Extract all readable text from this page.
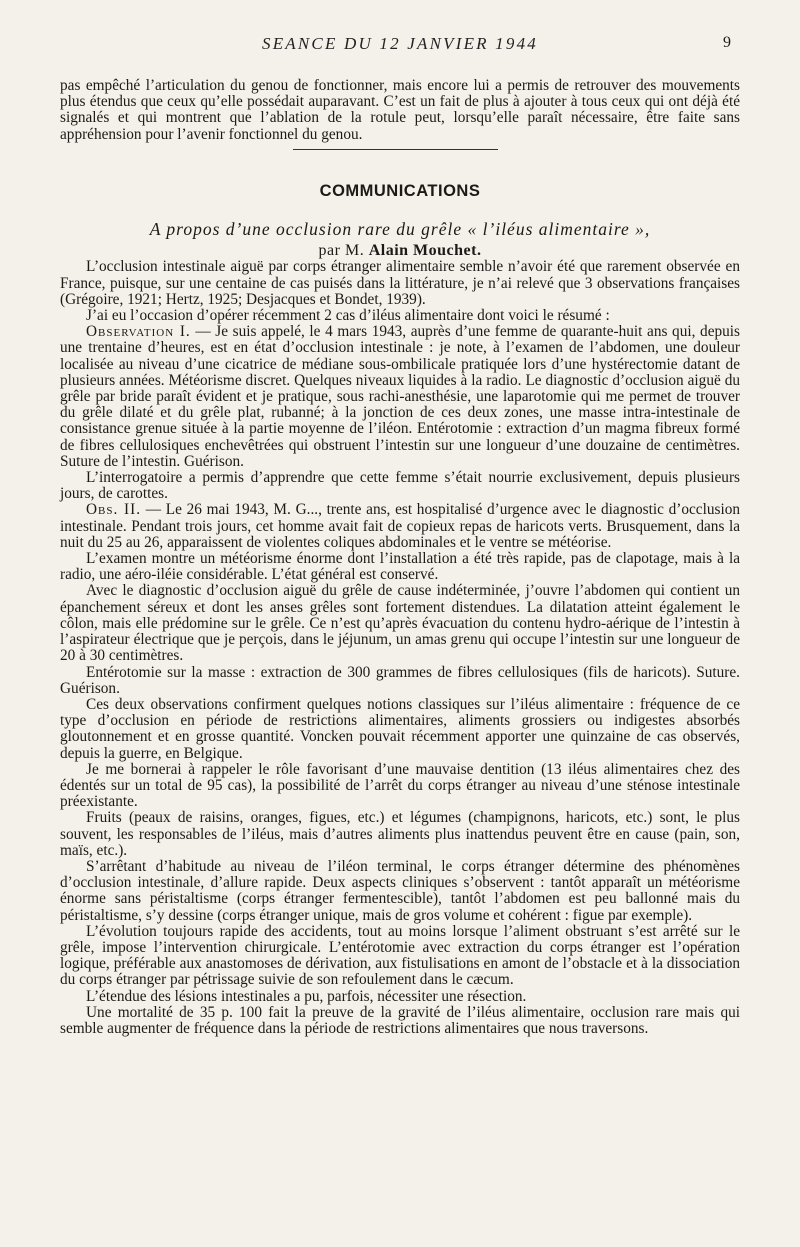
SEANCE DU 12 JANVIER 1944	9

pas empêché l’articulation du genou de fonctionner, mais encore lui a permis de retrouver des mouvements plus étendus que ceux qu’elle possédait auparavant. C’est un fait de plus à ajouter à tous ceux qui ont déjà été signalés et qui montrent que l’ablation de la rotule peut, lorsqu’elle paraît nécessaire, être faite sans appréhension pour l’avenir fonctionnel du genou.

COMMUNICATIONS
A propos d’une occlusion rare du grêle « l’iléus alimentaire »,
par M. Alain Mouchet.

L’occlusion intestinale aiguë par corps étranger alimentaire semble n’avoir été que rarement observée en France, puisque, sur une centaine de cas puisés dans la littérature, je n’ai relevé que 3 observations françaises (Grégoire, 1921; Hertz, 1925; Desjacques et Bondet, 1939).

J’ai eu l’occasion d’opérer récemment 2 cas d’iléus alimentaire dont voici le résumé :

Observation I. — Je suis appelé, le 4 mars 1943, auprès d’une femme de quarante-huit ans qui, depuis une trentaine d’heures, est en état d’occlusion intestinale : je note, à l’examen de l’abdomen, une douleur localisée au niveau d’une cicatrice de médiane sous-ombilicale pratiquée lors d’une hystérectomie datant de plusieurs années. Météorisme discret. Quelques niveaux liquides à la radio. Le diagnostic d’occlusion aiguë du grêle par bride paraît évident et je pratique, sous rachi-anesthésie, une laparotomie qui me permet de trouver du grêle dilaté et du grêle plat, rubanné; à la jonction de ces deux zones, une masse intra-intestinale de consistance grenue située à la partie moyenne de l’iléon. Entérotomie : extraction d’un magma fibreux formé de fibres cellulosiques enchevêtrées qui obstruent l’intestin sur une longueur d’une douzaine de centimètres. Suture de l’intestin. Guérison.

L’interrogatoire a permis d’apprendre que cette femme s’était nourrie exclusivement, depuis plusieurs jours, de carottes.

Obs. II. — Le 26 mai 1943, M. G..., trente ans, est hospitalisé d’urgence avec le diagnostic d’occlusion intestinale. Pendant trois jours, cet homme avait fait de copieux repas de haricots verts. Brusquement, dans la nuit du 25 au 26, apparaissent de violentes coliques abdominales et le ventre se météorise.

L’examen montre un météorisme énorme dont l’installation a été très rapide, pas de clapotage, mais à la radio, une aéro-iléie considérable. L’état général est conservé.

Avec le diagnostic d’occlusion aiguë du grêle de cause indéterminée, j’ouvre l’abdomen qui contient un épanchement séreux et dont les anses grêles sont fortement distendues. La dilatation atteint également le côlon, mais elle prédomine sur le grêle. Ce n’est qu’après évacuation du contenu hydro-aérique de l’intestin à l’aspirateur électrique que je perçois, dans le jéjunum, un amas grenu qui occupe l’intestin sur une longueur de 20 à 30 centimètres.

Entérotomie sur la masse : extraction de 300 grammes de fibres cellulosiques (fils de haricots). Suture. Guérison.

Ces deux observations confirment quelques notions classiques sur l’iléus alimentaire : fréquence de ce type d’occlusion en période de restrictions alimentaires, aliments grossiers ou indigestes absorbés gloutonnement et en grosse quantité. Voncken pouvait récemment apporter une quinzaine de cas observés, depuis la guerre, en Belgique.

Je me bornerai à rappeler le rôle favorisant d’une mauvaise dentition (13 iléus alimentaires chez des édentés sur un total de 95 cas), la possibilité de l’arrêt du corps étranger au niveau d’une sténose intestinale préexistante.

Fruits (peaux de raisins, oranges, figues, etc.) et légumes (champignons, haricots, etc.) sont, le plus souvent, les responsables de l’iléus, mais d’autres aliments plus inattendus peuvent être en cause (pain, son, maïs, etc.).

S’arrêtant d’habitude au niveau de l’iléon terminal, le corps étranger détermine des phénomènes d’occlusion intestinale, d’allure rapide. Deux aspects cliniques s’observent : tantôt apparaît un météorisme énorme sans péristaltisme (corps étranger fermentescible), tantôt l’abdomen est peu ballonné mais du péristaltisme, s’y dessine (corps étranger unique, mais de gros volume et cohérent : figue par exemple).

L’évolution toujours rapide des accidents, tout au moins lorsque l’aliment obstruant s’est arrêté sur le grêle, impose l’intervention chirurgicale. L’entérotomie avec extraction du corps étranger est l’opération logique, préférable aux anastomoses de dérivation, aux fistulisations en amont de l’obstacle et à la dissociation du corps étranger par pétrissage suivie de son refoulement dans le cæcum.

L’étendue des lésions intestinales a pu, parfois, nécessiter une résection.

Une mortalité de 35 p. 100 fait la preuve de la gravité de l’iléus alimentaire, occlusion rare mais qui semble augmenter de fréquence dans la période de restrictions alimentaires que nous traversons.
